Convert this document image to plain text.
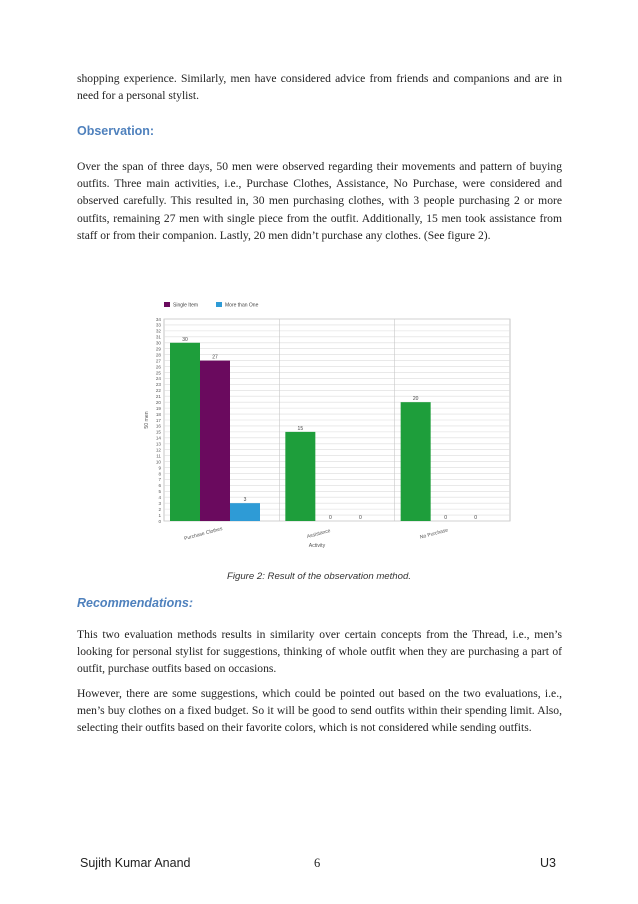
shopping experience. Similarly, men have considered advice from friends and companions and are in need for a personal stylist.

Observation:

Over the span of three days, 50 men were observed regarding their movements and pattern of buying outfits. Three main activities, i.e., Purchase Clothes, Assistance, No Purchase, were considered and observed carefully. This resulted in, 30 men purchasing clothes, with 3 people purchasing 2 or more outfits, remaining 27 men with single piece from the outfit. Additionally, 15 men took assistance from staff or from their companion. Lastly, 20 men didn’t purchase any clothes. (See figure 2).

0
1
2
3
4
5
6
7
8
9
10
11
12
13
14
15
16
17
18
19
20
21
22
23
24
25
26
27
28
29
30
31
32
33
34
30
27
3
Purchase Clothes
15
0	0
Assistance
20
0	0
No Purchase
Activity
50 men
Single Item	More than One
Figure 2: Result of the observation method.
Recommendations:

This two evaluation methods results in similarity over certain concepts from the Thread, i.e., men’s looking for personal stylist for suggestions, thinking of whole outfit when they are purchasing a part of outfit, purchase outfits based on occasions.

However, there are some suggestions, which could be pointed out based on the two evaluations, i.e., men’s buy clothes on a fixed budget. So it will be good to send outfits within their spending limit. Also, selecting their outfits based on their favorite colors, which is not considered while sending outfits.

Sujith Kumar Anand	6	U3
